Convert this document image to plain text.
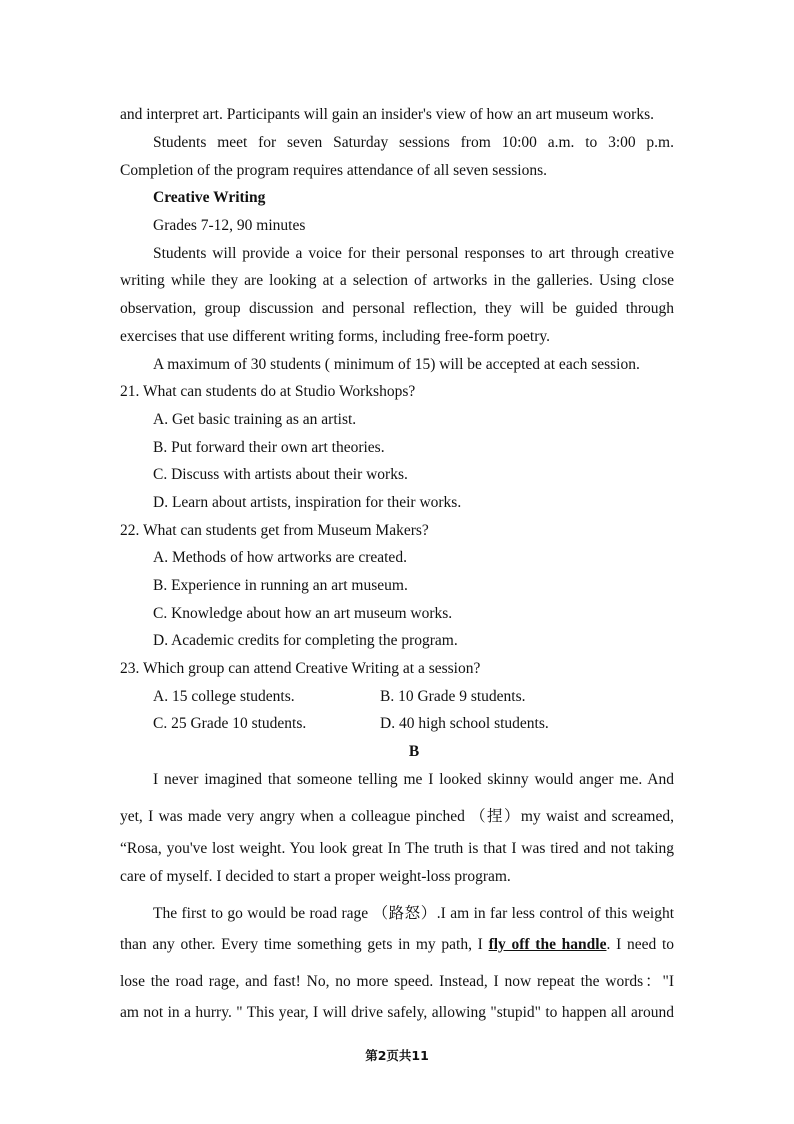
and interpret art. Participants will gain an insider's view of how an art museum works.
Students meet for seven Saturday sessions from 10:00 a.m. to 3:00 p.m.
Completion of the program requires attendance of all seven sessions.
Creative Writing
Grades 7-12, 90 minutes
Students will provide a voice for their personal responses to art through creative
writing while they are looking at a selection of artworks in the galleries. Using close
observation, group discussion and personal reflection, they will be guided through
exercises that use different writing forms, including free-form poetry.
A maximum of 30 students ( minimum of 15) will be accepted at each session.
21. What can students do at Studio Workshops?
A. Get basic training as an artist.
B. Put forward their own art theories.
C. Discuss with artists about their works.
D. Learn about artists, inspiration for their works.
22. What can students get from Museum Makers?
A. Methods of how artworks are created.
B. Experience in running an art museum.
C. Knowledge about how an art museum works.
D. Academic credits for completing the program.
23. Which group can attend Creative Writing at a session?
A. 15 college students.	B. 10 Grade 9 students.
C. 25 Grade 10 students.	D. 40 high school students.
B
I never imagined that someone telling me I looked skinny would anger me. And
yet, I was made very angry when a colleague pinched （捏）my waist and screamed,
“Rosa, you've lost weight. You look great In The truth is that I was tired and not taking
care of myself. I decided to start a proper weight-loss program.
The first to go would be road rage （路怒）.I am in far less control of this weight
than any other. Every time something gets in my path, I fly off the handle. I need to
lose the road rage, and fast! No, no more speed. Instead, I now repeat the words："I
am not in a hurry. " This year, I will drive safely, allowing "stupid" to happen all around
第2页共11
